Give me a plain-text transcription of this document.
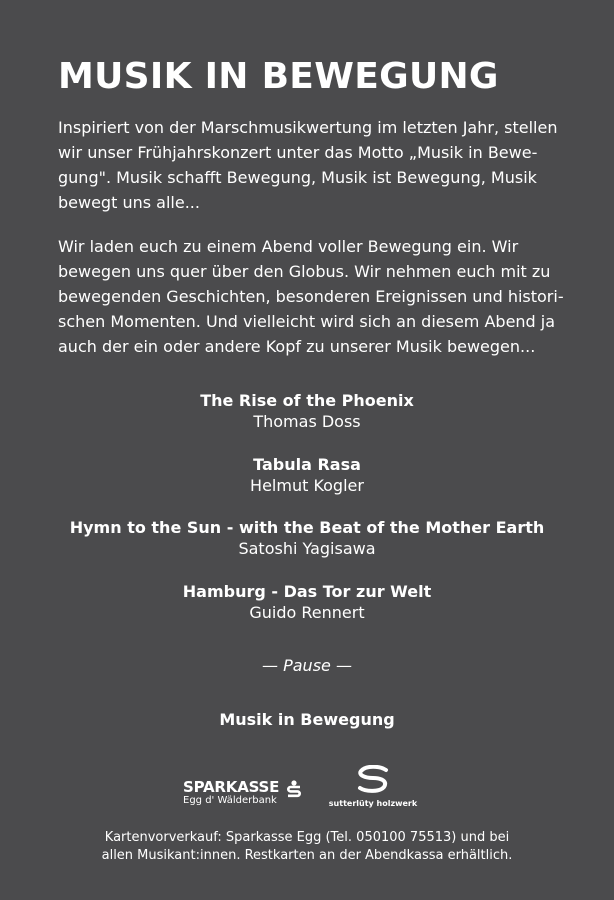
MUSIK IN BEWEGUNG

Inspiriert von der Marschmusikwertung im letzten Jahr, stellen
wir unser Frühjahrskonzert unter das Motto „Musik in Bewe-
gung". Musik schafft Bewegung, Musik ist Bewegung, Musik
bewegt uns alle...

Wir laden euch zu einem Abend voller Bewegung ein. Wir
bewegen uns quer über den Globus. Wir nehmen euch mit zu
bewegenden Geschichten, besonderen Ereignissen und histori-
schen Momenten. Und vielleicht wird sich an diesem Abend ja
auch der ein oder andere Kopf zu unserer Musik bewegen...

The Rise of the Phoenix
Thomas Doss
Tabula Rasa
Helmut Kogler
Hymn to the Sun - with the Beat of the Mother Earth
Satoshi Yagisawa
Hamburg - Das Tor zur Welt
Guido Rennert
— Pause —
Musik in Bewegung
SPARKASSE
Egg d' Wälderbank	sutterlüty holzwerk
Kartenvorverkauf: Sparkasse Egg (Tel. 050100 75513) und bei
allen Musikant:innen. Restkarten an der Abendkassa erhältlich.
